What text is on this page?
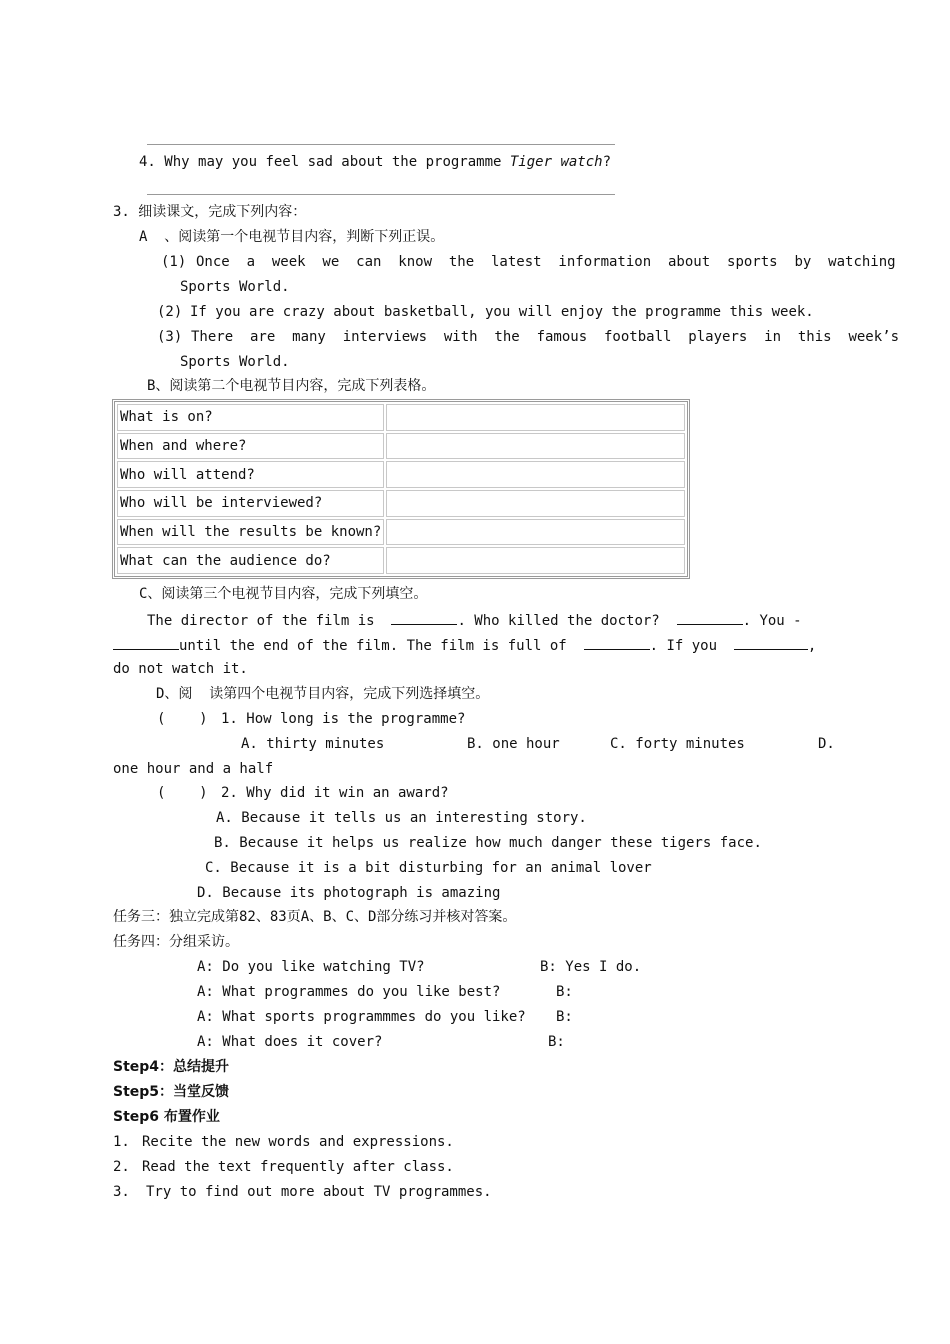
4. Why may you feel sad about the programme Tiger watch?
3. 细读课文，完成下列内容：
A  、阅读第一个电视节目内容，判断下列正误。
(1) Once  a  week  we  can  know  the  latest  information  about  sports  by  watching
Sports World.
(2) If you are crazy about basketball, you will enjoy the programme this week.
(3) There  are  many  interviews  with  the  famous  football  players  in  this  week’s
Sports World.
B、阅读第二个电视节目内容，完成下列表格。
What is on?	
When and where?	
Who will attend?	
Who will be interviewed?	
When will the results be known?	
What can the audience do?	
C、阅读第三个电视节目内容，完成下列填空。
The director of the film is	. Who killed the doctor?	. You -
until the end of the film. The film is full of	. If you	,
do not watch it.
D、阅  读第四个电视节目内容，完成下列选择填空。
(    ) 1. How long is the programme?
A. thirty minutes	B. one hour	C. forty minutes	D.
one hour and a half
(    ) 2. Why did it win an award?
A. Because it tells us an interesting story.
B. Because it helps us realize how much danger these tigers face.
C. Because it is a bit disturbing for an animal lover
D. Because its photograph is amazing
任务三：独立完成第82、83页A、B、C、D部分练习并核对答案。
任务四：分组采访。
A: Do you like watching TV?	B: Yes I do.
A: What programmes do you like best?	B:
A: What sports programmmes do you like? B:
A: What does it cover?	B:
Step4：总结提升
Step5：当堂反馈
Step6 布置作业
1. Recite the new words and expressions.
2. Read the text frequently after class.
3. Try to find out more about TV programmes.
